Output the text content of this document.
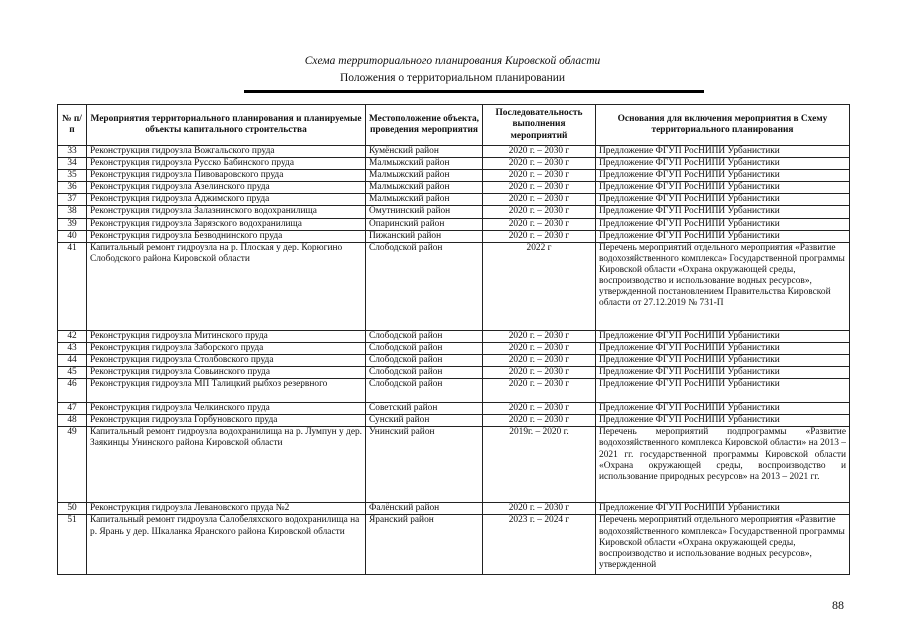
Схема территориального планирования Кировской области
Положения о территориальном планировании
№ п/п	Мероприятия территориального планирования и планируемые объекты капитального строительства	Местоположение объекта, проведения мероприятия	Последовательность выполнения мероприятий	Основания для включения мероприятия в Схему территориального планирования
33	Реконструкция гидроузла Вожгальского пруда	Кумёнский район	2020 г. – 2030 г	Предложение ФГУП РосНИПИ Урбанистики
34	Реконструкция гидроузла Русско Бабинского пруда	Малмыжский район	2020 г. – 2030 г	Предложение ФГУП РосНИПИ Урбанистики
35	Реконструкция гидроузла Пивоваровского пруда	Малмыжский район	2020 г. – 2030 г	Предложение ФГУП РосНИПИ Урбанистики
36	Реконструкция гидроузла Азелинского пруда	Малмыжский район	2020 г. – 2030 г	Предложение ФГУП РосНИПИ Урбанистики
37	Реконструкция гидроузла Аджимского пруда	Малмыжский район	2020 г. – 2030 г	Предложение ФГУП РосНИПИ Урбанистики
38	Реконструкция гидроузла Залазнинского водохранилища	Омутнинский район	2020 г. – 2030 г	Предложение ФГУП РосНИПИ Урбанистики
39	Реконструкция гидроузла Зарязского водохранилища	Опаринский район	2020 г. – 2030 г	Предложение ФГУП РосНИПИ Урбанистики
40	Реконструкция гидроузла Безводнинского пруда	Пижанский район	2020 г. – 2030 г	Предложение ФГУП РосНИПИ Урбанистики
41	Капитальный ремонт гидроузла на р. Плоская у дер. Корюгино Слободского района Кировской области	Слободской район	2022 г	Перечень мероприятий отдельного мероприятия «Развитие водохозяйственного комплекса» Государственной программы Кировской области «Охрана окружающей среды, воспроизводство и использование водных ресурсов», утвержденной постановлением Правительства Кировской области от 27.12.2019 № 731-П
42	Реконструкция гидроузла Митинского пруда	Слободской район	2020 г. – 2030 г	Предложение ФГУП РосНИПИ Урбанистики
43	Реконструкция гидроузла Заборского пруда	Слободской район	2020 г. – 2030 г	Предложение ФГУП РосНИПИ Урбанистики
44	Реконструкция гидроузла Столбовского пруда	Слободской район	2020 г. – 2030 г	Предложение ФГУП РосНИПИ Урбанистики
45	Реконструкция гидроузла Совьинского пруда	Слободской район	2020 г. – 2030 г	Предложение ФГУП РосНИПИ Урбанистики
46	Реконструкция гидроузла МП Талицкий рыбхоз резервного	Слободской район	2020 г. – 2030 г	Предложение ФГУП РосНИПИ Урбанистики
47	Реконструкция гидроузла Челкинского пруда	Советский район	2020 г. – 2030 г	Предложение ФГУП РосНИПИ Урбанистики
48	Реконструкция гидроузла Горбуновского пруда	Сунский район	2020 г. – 2030 г	Предложение ФГУП РосНИПИ Урбанистики
49	Капитальный ремонт гидроузла водохранилища на р. Лумпун у дер. Заякинцы Унинского района Кировской области	Унинский район	2019г. – 2020 г.	Перечень мероприятий подпрограммы «Развитие водохозяйственного комплекса Кировской области» на 2013 – 2021 гг. государственной программы Кировской области «Охрана окружающей среды, воспроизводство и использование природных ресурсов» на 2013 – 2021 гг.
50	Реконструкция гидроузла Левановского пруда №2	Фалёнский район	2020 г. – 2030 г	Предложение ФГУП РосНИПИ Урбанистики
51	Капитальный ремонт гидроузла Салобеляхского водохранилища на р. Ярань у дер. Шкаланка Яранского района Кировской области	Яранский район	2023 г. – 2024 г	Перечень мероприятий отдельного мероприятия «Развитие водохозяйственного комплекса» Государственной программы Кировской области «Охрана окружающей среды, воспроизводство и использование водных ресурсов», утвержденной
88
